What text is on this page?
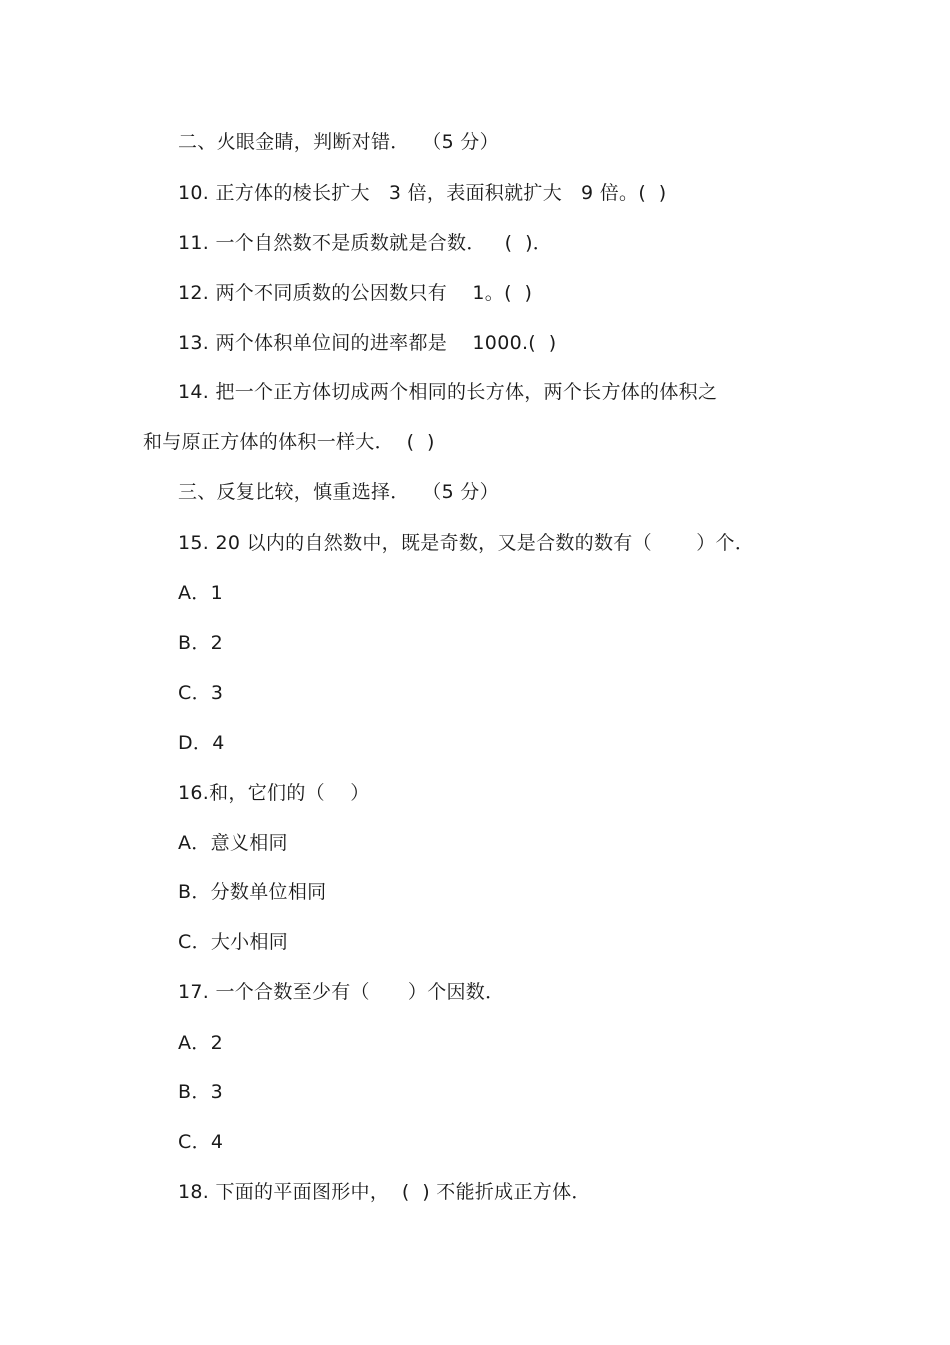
二、火眼金睛，判断对错．  （5 分）
10. 正方体的棱长扩大   3 倍，表面积就扩大   9 倍。(  )
11. 一个自然数不是质数就是合数．   (  )．
12. 两个不同质数的公因数只有    1。(  )
13. 两个体积单位间的进率都是    1000.(  )
14. 把一个正方体切成两个相同的长方体，两个长方体的体积之
和与原正方体的体积一样大．  (  )
三、反复比较，慎重选择．  （5 分）
15. 20 以内的自然数中，既是奇数，又是合数的数有（       ）个．
A．1
B．2
C．3
D．4
16.和，它们的（    ）
A．意义相同
B．分数单位相同
C．大小相同
17. 一个合数至少有（      ）个因数．
A．2
B．3
C．4
18. 下面的平面图形中，  (  ) 不能折成正方体．
